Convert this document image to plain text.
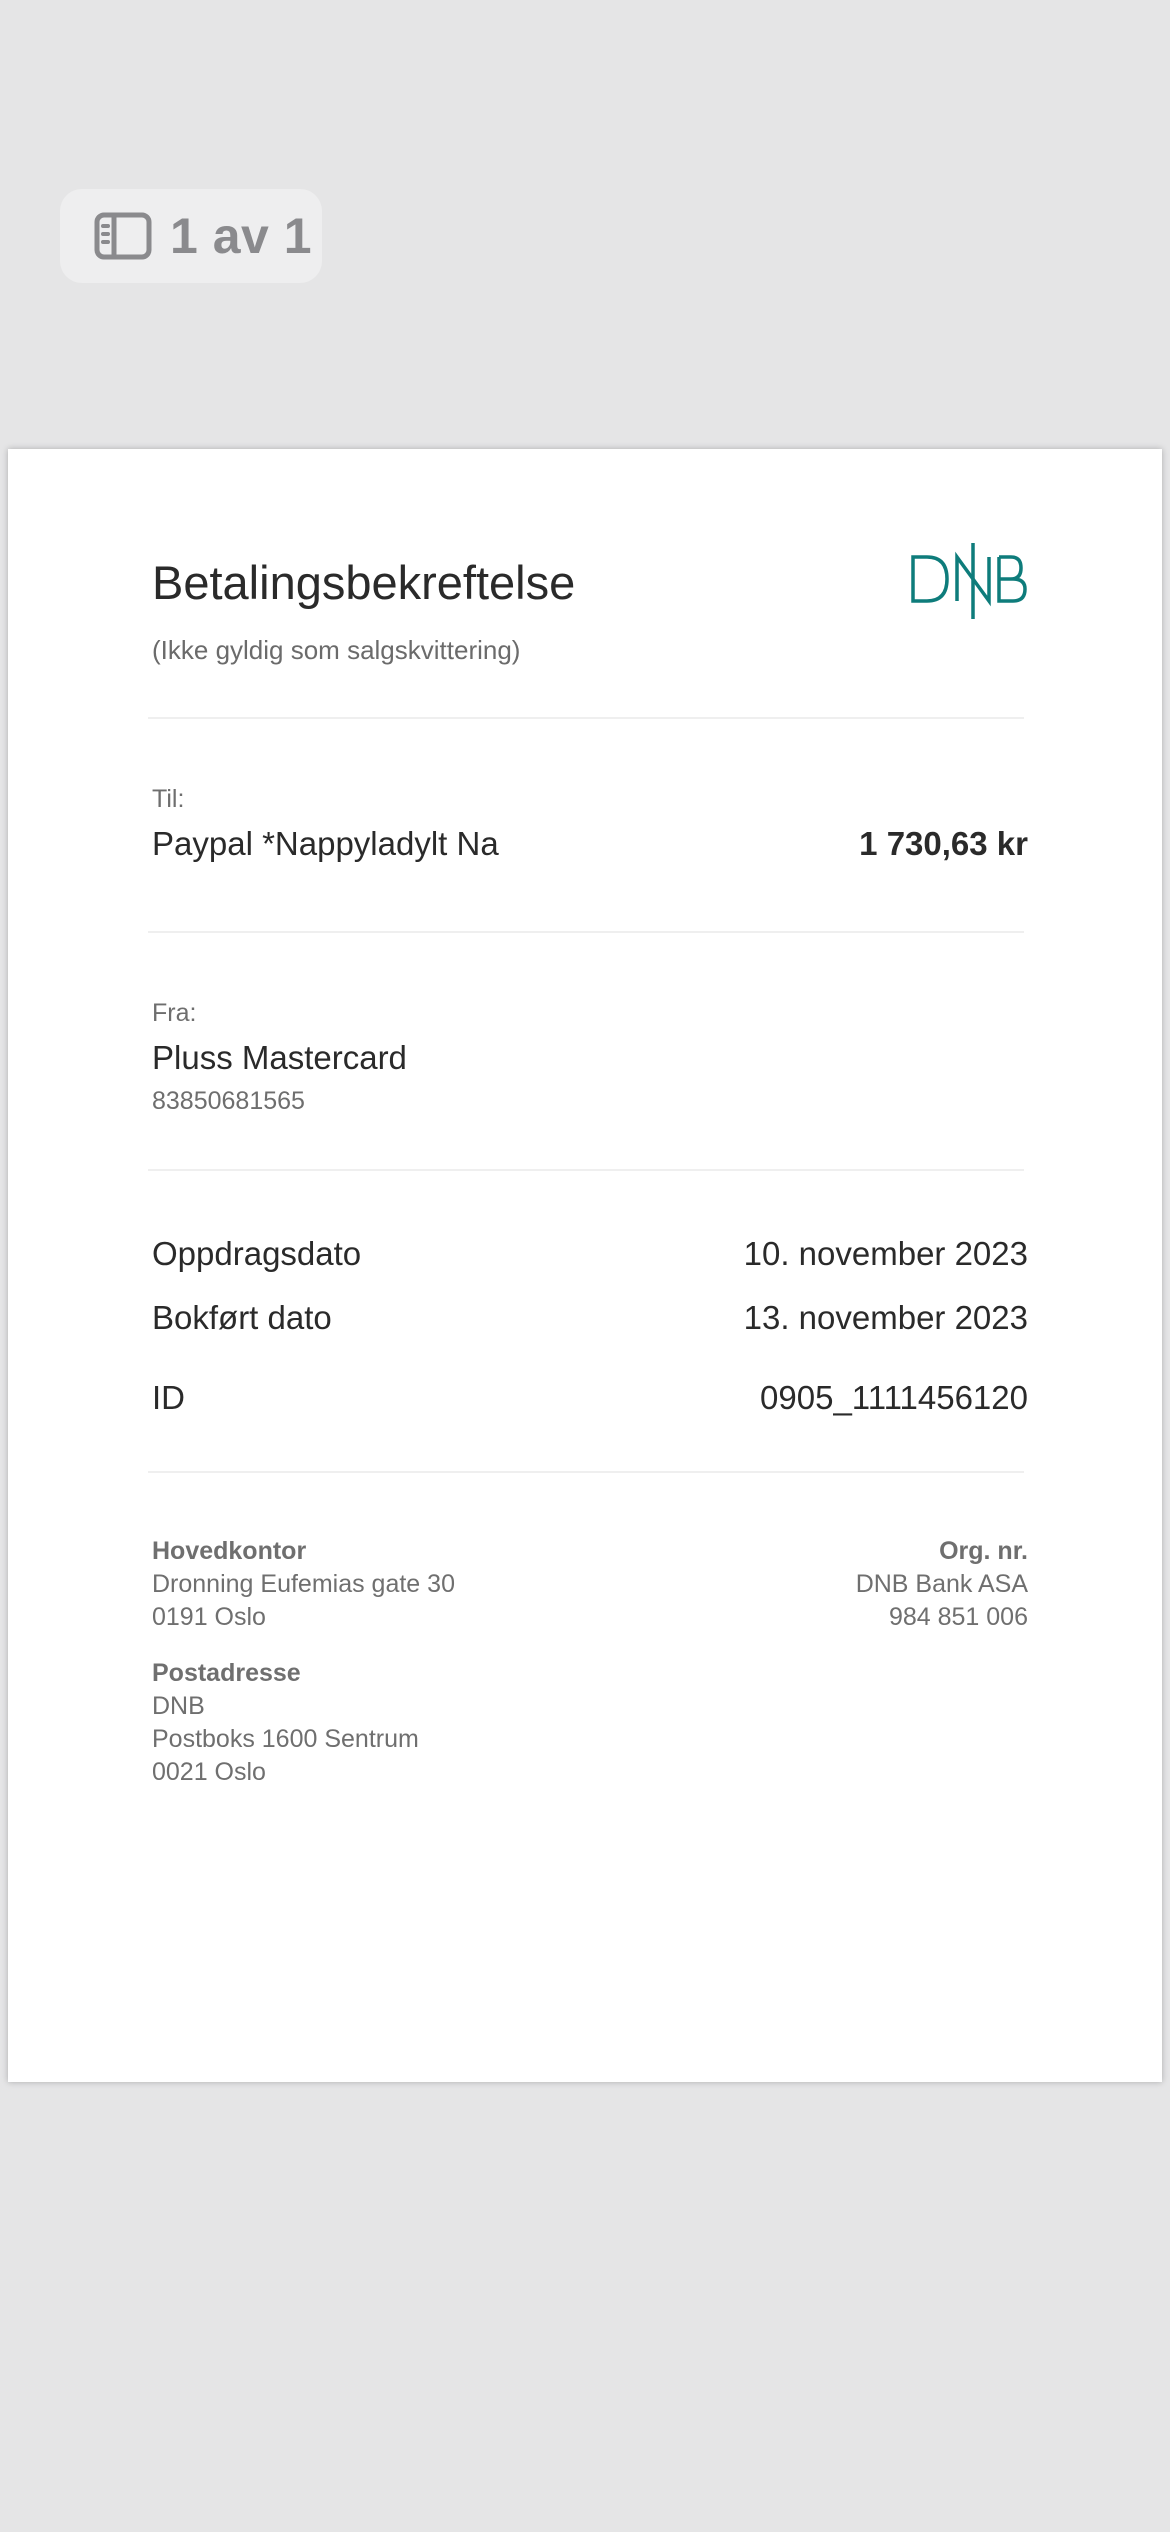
1 av 1
Betalingsbekreftelse
(Ikke gyldig som salgskvittering)
Til:
Paypal *Nappyladylt Na	1 730,63 kr
Fra:
Pluss Mastercard
83850681565
Oppdragsdato	10. november 2023
Bokført dato	13. november 2023
ID	0905_1111456120
Hovedkontor
Dronning Eufemias gate 30
0191 Oslo
Org. nr.
DNB Bank ASA
984 851 006
Postadresse
DNB
Postboks 1600 Sentrum
0021 Oslo
